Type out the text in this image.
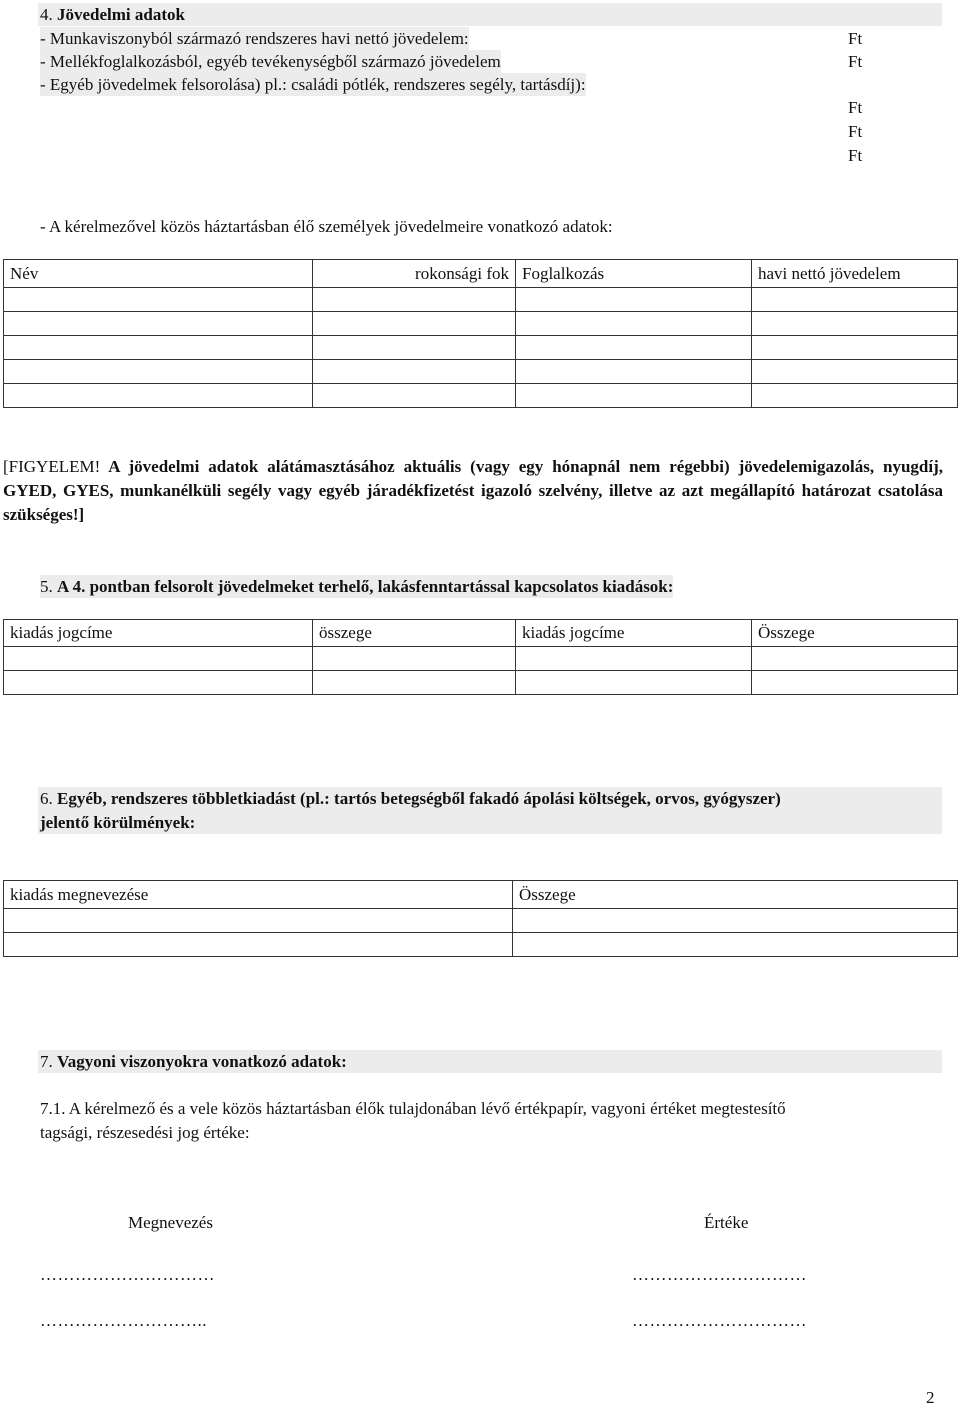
4. Jövedelmi adatok
- Munkaviszonyból származó rendszeres havi nettó jövedelem:
- Mellékfoglalkozásból, egyéb tevékenységből származó jövedelem
- Egyéb jövedelmek felsorolása) pl.: családi pótlék, rendszeres segély, tartásdíj):
Ft
Ft
Ft
Ft
Ft
- A kérelmezővel közös háztartásban élő személyek jövedelmeire vonatkozó adatok:
Név	rokonsági fok	Foglalkozás	havi nettó jövedelem

[FIGYELEM! A jövedelmi adatok alátámasztásához aktuális (vagy egy hónapnál nem régebbi) jövedelemigazolás, nyugdíj, GYED, GYES, munkanélküli segély vagy egyéb járadékfizetést igazoló szelvény, illetve az azt megállapító határozat csatolása szükséges!]
5. A 4. pontban felsorolt jövedelmeket terhelő, lakásfenntartással kapcsolatos kiadások:
kiadás jogcíme	összege	kiadás jogcíme	Összege

6. Egyéb, rendszeres többletkiadást (pl.: tartós betegségből fakadó ápolási költségek, orvos, gyógyszer)
jelentő körülmények:
kiadás megnevezése	Összege

7. Vagyoni viszonyokra vonatkozó adatok:
7.1. A kérelmező és a vele közös háztartásban élők tulajdonában lévő értékpapír, vagyoni értéket megtestesítő
tagsági, részesedési jog értéke:
Megnevezés	Értéke
…………………………	…………………………
………………………..	…………………………
2
